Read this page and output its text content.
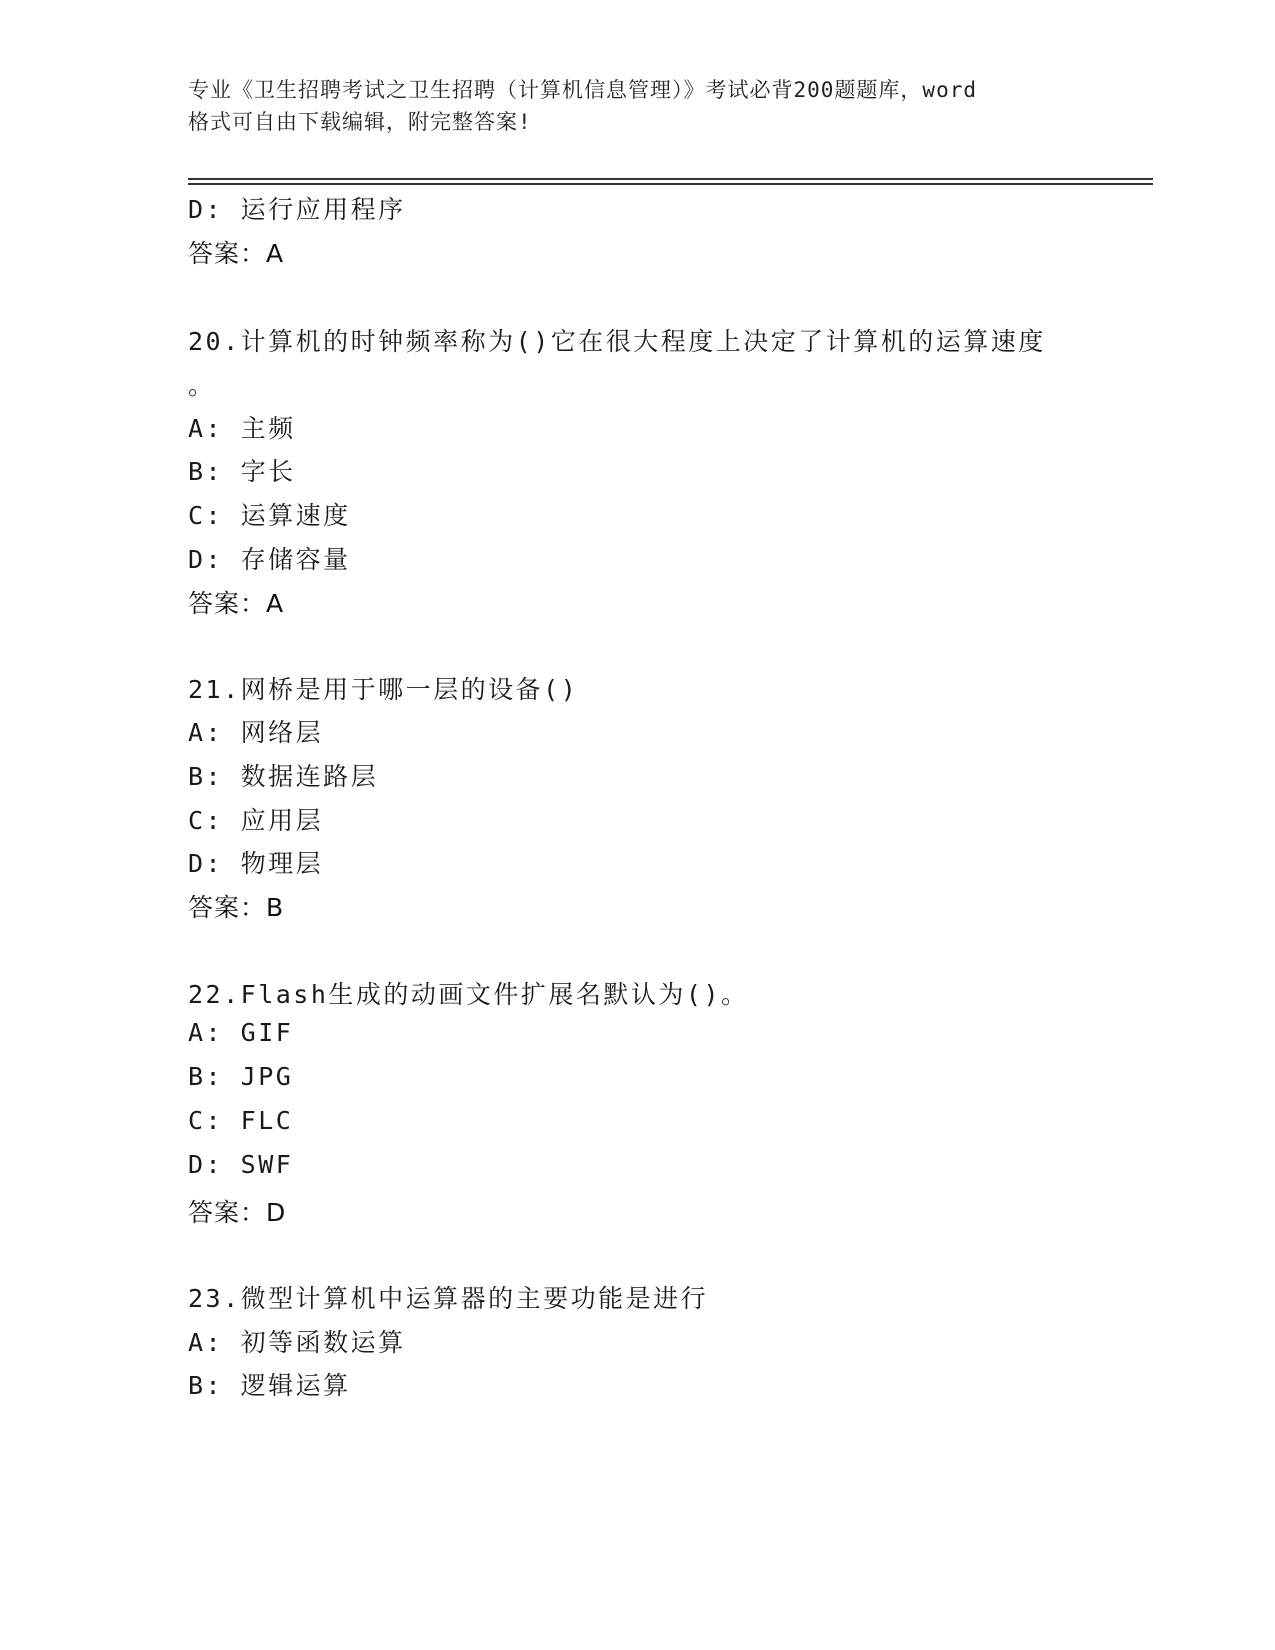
专业《卫生招聘考试之卫生招聘（计算机信息管理）》考试必背200题题库，word
格式可自由下载编辑，附完整答案!
D: 运行应用程序
答案：A
20.计算机的时钟频率称为()它在很大程度上决定了计算机的运算速度
。
A: 主频
B: 字长
C: 运算速度
D: 存储容量
答案：A
21.网桥是用于哪一层的设备()
A: 网络层
B: 数据连路层
C: 应用层
D: 物理层
答案：B
22.Flash生成的动画文件扩展名默认为()。
A: GIF
B: JPG
C: FLC
D: SWF
答案：D
23.微型计算机中运算器的主要功能是进行
A: 初等函数运算
B: 逻辑运算
